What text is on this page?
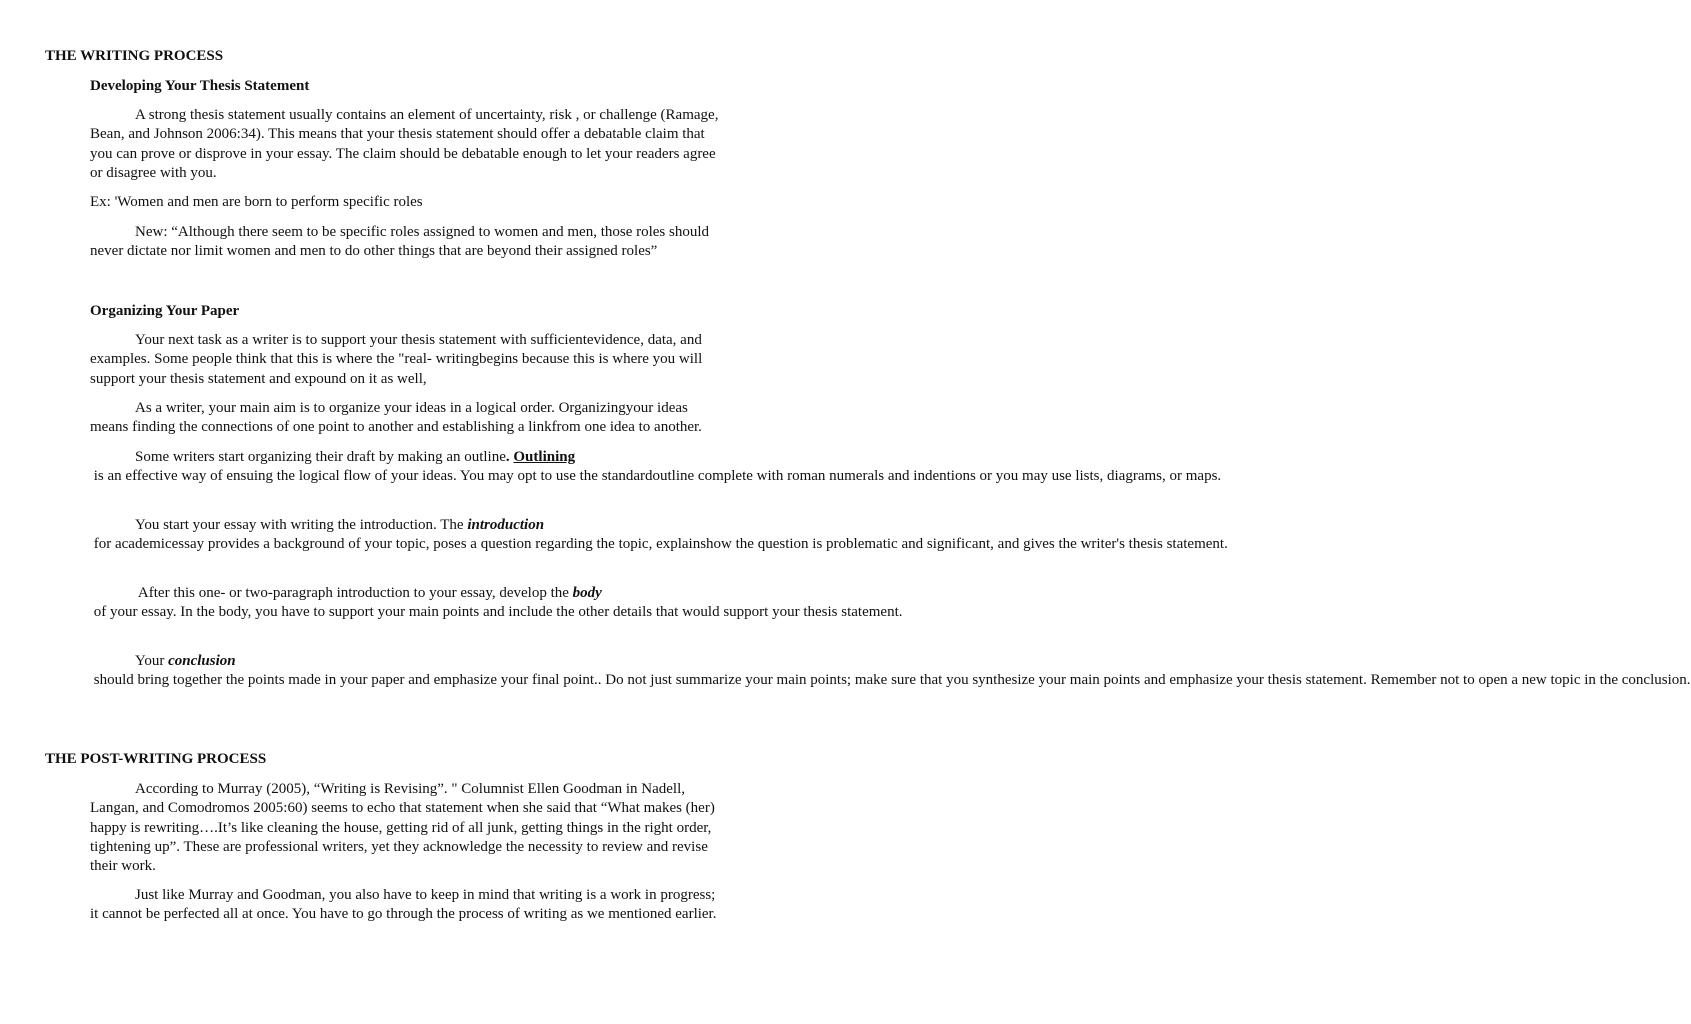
THE WRITING PROCESS
Developing Your Thesis Statement

A strong thesis statement usually contains an element of uncertainty, risk , or challenge (Ramage, Bean, and Johnson 2006:34). This means that your thesis statement should offer a debatable claim that you can prove or disprove in your essay. The claim should be debatable enough to let your readers agree or disagree with you.

Ex: 'Women and men are born to perform specific roles

New: “Although there seem to be specific roles assigned to women and men, those roles should never dictate nor limit women and men to do other things that are beyond their assigned roles”

Organizing Your Paper

Your next task as a writer is to support your thesis statement with sufficientevidence, data, and examples. Some people think that this is where the "real- writingbegins because this is where you will support your thesis statement and expound on it as well,

As a writer, your main aim is to organize your ideas in a logical order. Organizingyour ideas means finding the connections of one point to another and establishing a linkfrom one idea to another.

Some writers start organizing their draft by making an outline. Outlining is an effective way of ensuing the logical flow of your ideas. You may opt to use the standardoutline complete with roman numerals and indentions or you may use lists, diagrams, or maps.

You start your essay with writing the introduction. The introduction for academicessay provides a background of your topic, poses a question regarding the topic, explainshow the question is problematic and significant, and gives the writer's thesis statement.

After this one- or two-paragraph introduction to your essay, develop the body of your essay. In the body, you have to support your main points and include the other details that would support your thesis statement.

Your conclusion should bring together the points made in your paper and emphasize your final point.. Do not just summarize your main points; make sure that you synthesize your main points and emphasize your thesis statement. Remember not to open a new topic in the conclusion.

THE POST-WRITING PROCESS

According to Murray (2005), “Writing is Revising”. " Columnist Ellen Goodman in Nadell, Langan, and Comodromos 2005:60) seems to echo that statement when she said that “What makes (her) happy is rewriting….It’s like cleaning the house, getting rid of all junk, getting things in the right order, tightening up”. These are professional writers, yet they acknowledge the necessity to review and revise their work.

Just like Murray and Goodman, you also have to keep in mind that writing is a work in progress; it cannot be perfected all at once. You have to go through the process of writing as we mentioned earlier.
